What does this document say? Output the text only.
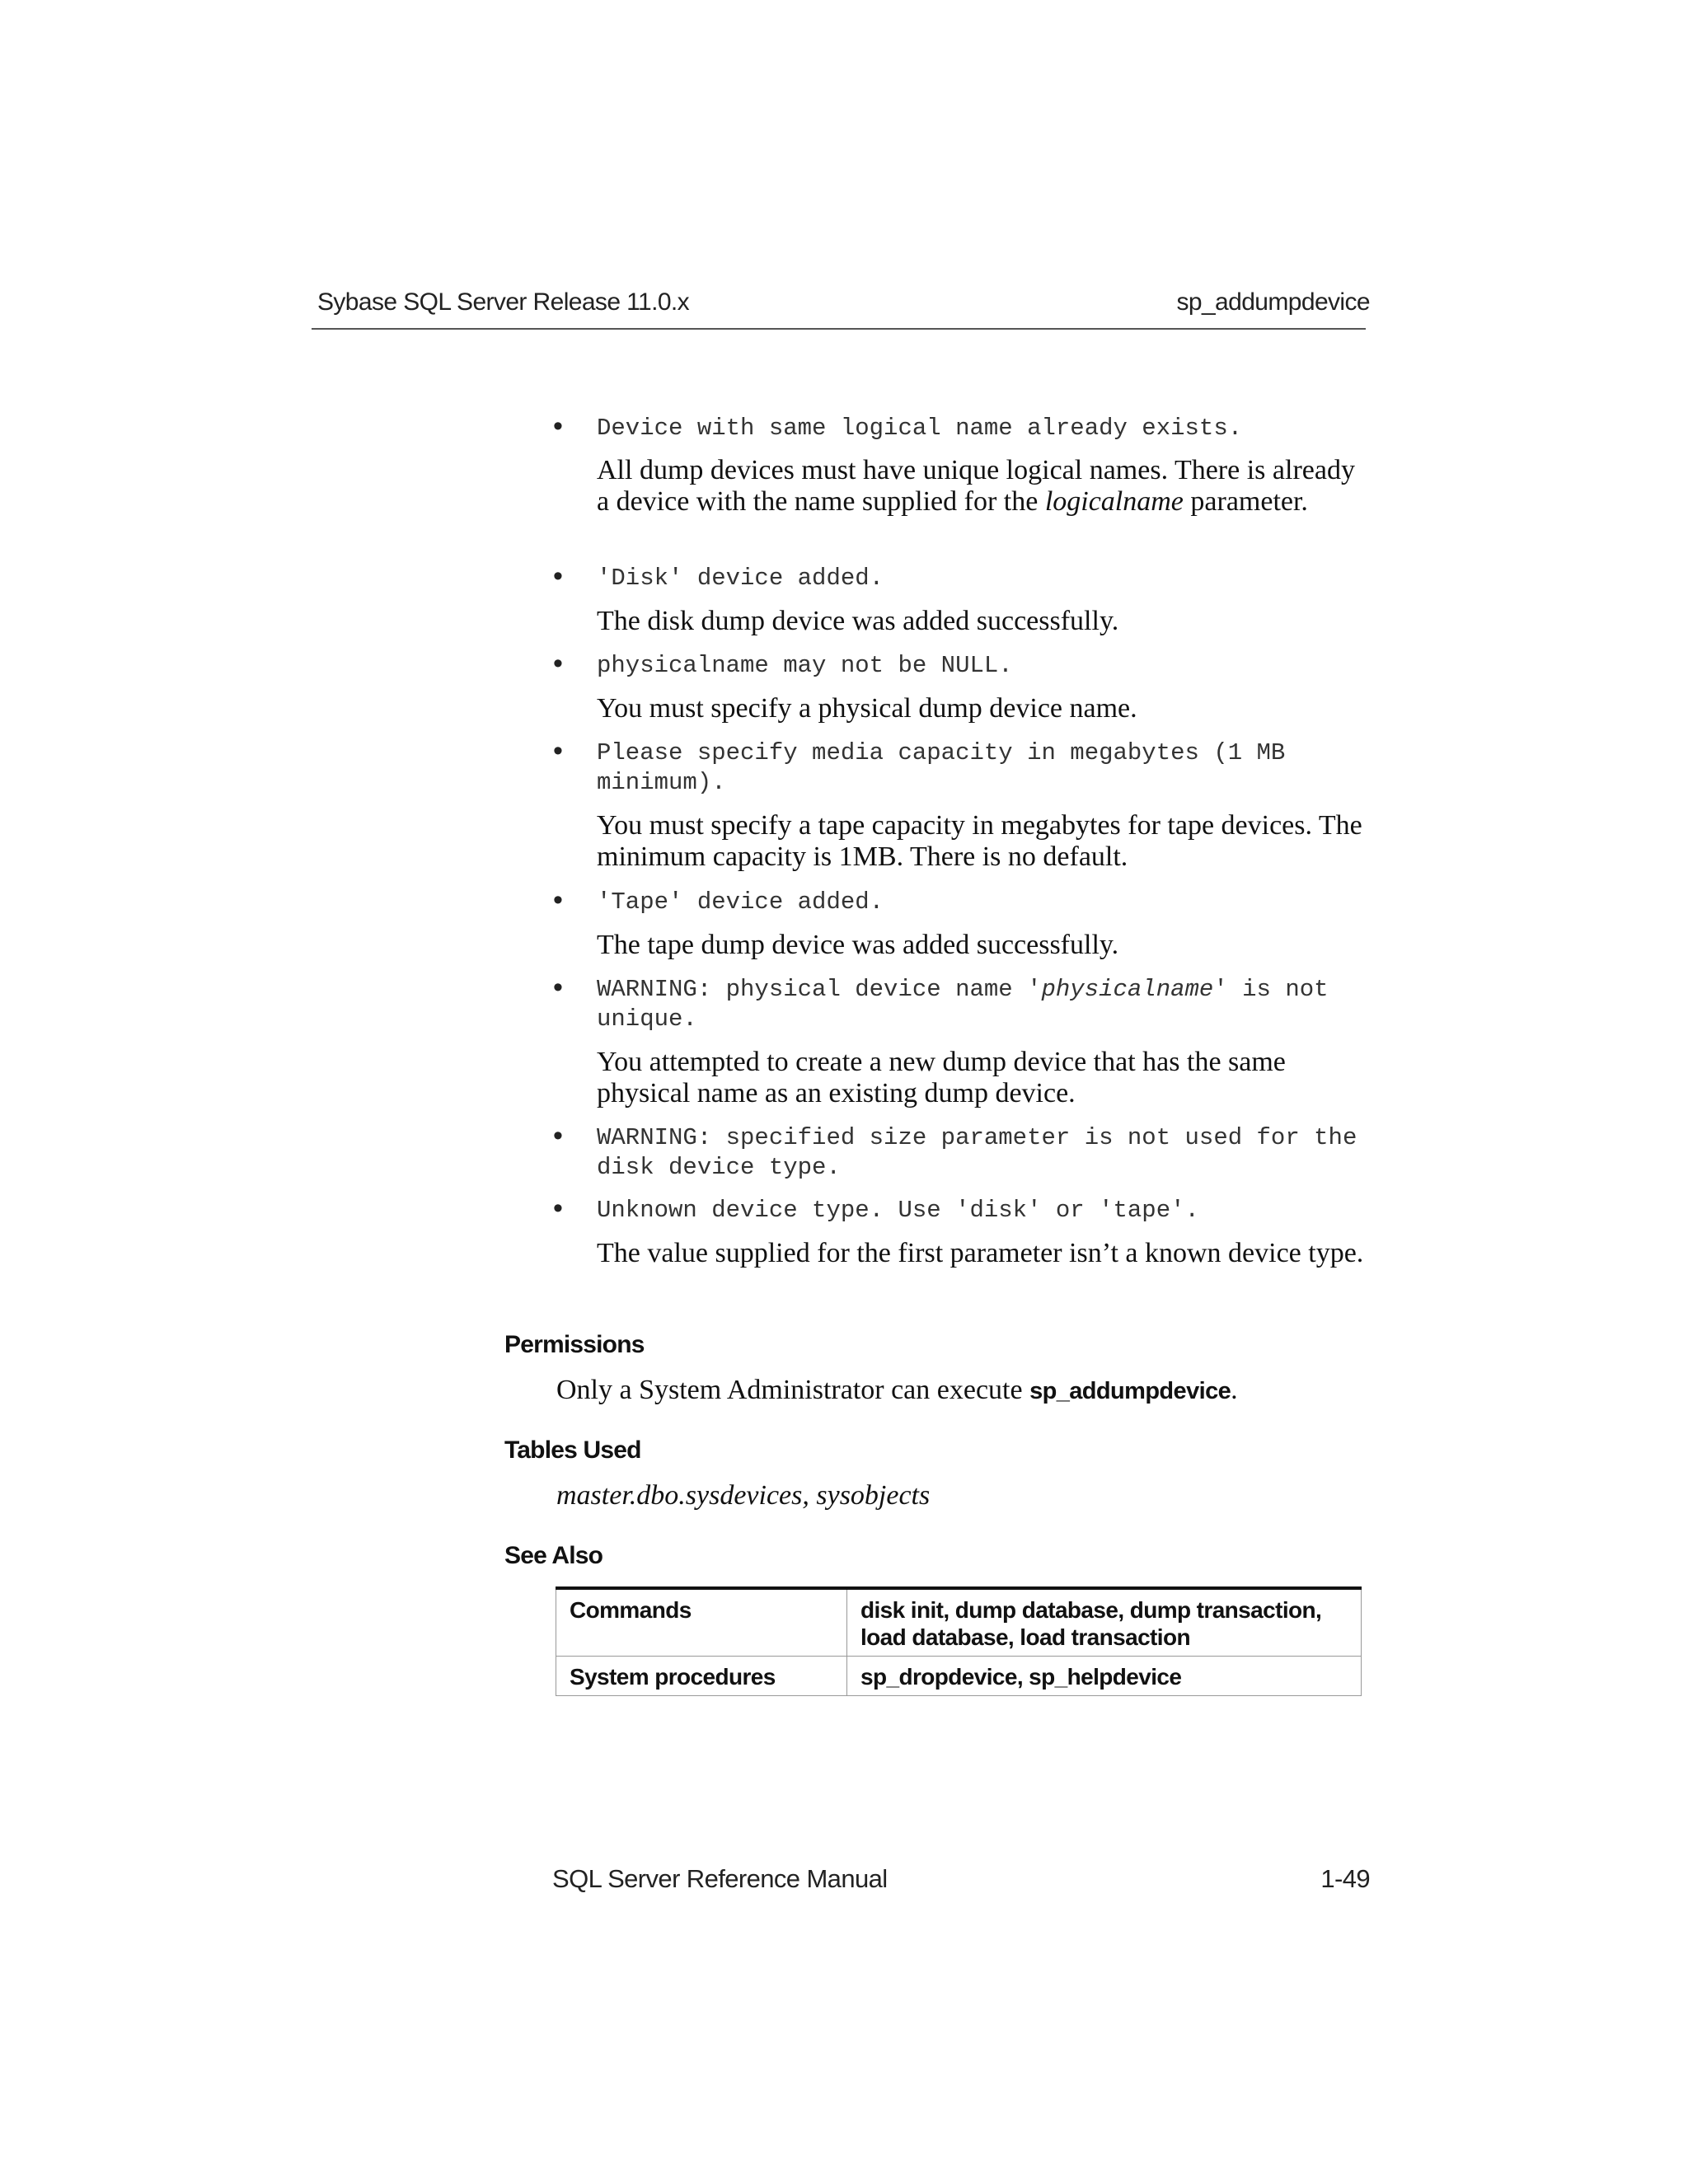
Sybase SQL Server Release 11.0.x	sp_addumpdevice
• Device with same logical name already exists.
All dump devices must have unique logical names. There is already a device with the name supplied for the logicalname parameter.
• 'Disk' device added.
The disk dump device was added successfully.
• physicalname may not be NULL.
You must specify a physical dump device name.
• Please specify media capacity in megabytes (1 MB minimum).
You must specify a tape capacity in megabytes for tape devices. The minimum capacity is 1MB. There is no default.
• 'Tape' device added.
The tape dump device was added successfully.
• WARNING: physical device name 'physicalname' is not unique.
You attempted to create a new dump device that has the same physical name as an existing dump device.
• WARNING: specified size parameter is not used for the disk device type.
• Unknown device type. Use 'disk' or 'tape'.
The value supplied for the first parameter isn’t a known device type.
Permissions
Only a System Administrator can execute sp_addumpdevice.
Tables Used
master.dbo.sysdevices, sysobjects
See Also
Commands	disk init, dump database, dump transaction, load database, load transaction
System procedures	sp_dropdevice, sp_helpdevice
SQL Server Reference Manual	1-49
